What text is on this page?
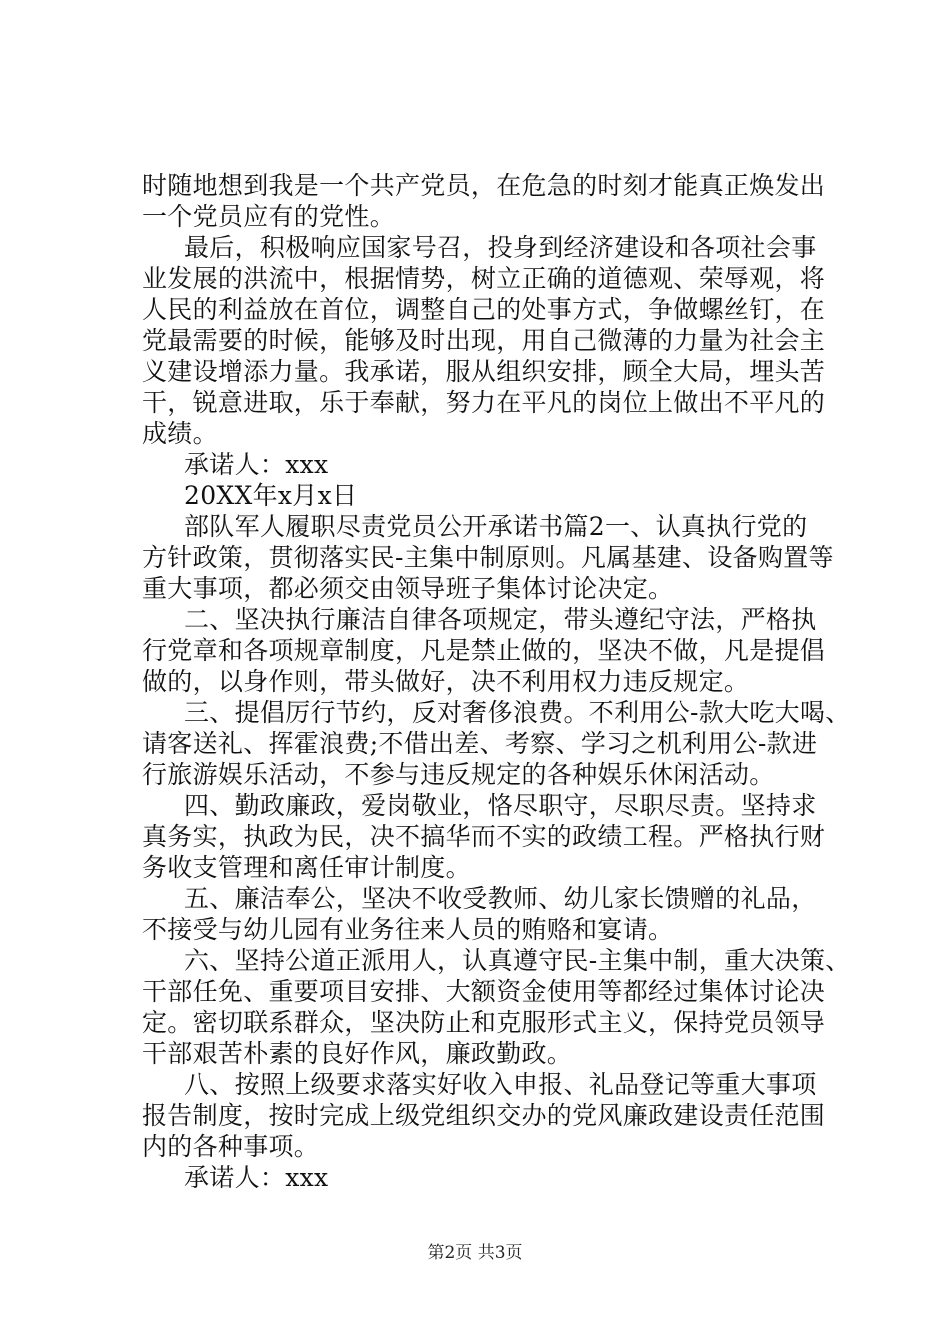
时随地想到我是一个共产党员，在危急的时刻才能真正焕发出
一个党员应有的党性。
最后，积极响应国家号召，投身到经济建设和各项社会事
业发展的洪流中，根据情势，树立正确的道德观、荣辱观，将
人民的利益放在首位，调整自己的处事方式，争做螺丝钉，在
党最需要的时候，能够及时出现，用自己微薄的力量为社会主
义建设增添力量。我承诺，服从组织安排，顾全大局，埋头苦
干，锐意进取，乐于奉献，努力在平凡的岗位上做出不平凡的
成绩。
承诺人：xxx
20XX年x月x日
部队军人履职尽责党员公开承诺书篇2一、认真执行党的
方针政策，贯彻落实民-主集中制原则。凡属基建、设备购置等
重大事项，都必须交由领导班子集体讨论决定。
二、坚决执行廉洁自律各项规定，带头遵纪守法，严格执
行党章和各项规章制度，凡是禁止做的，坚决不做，凡是提倡
做的，以身作则，带头做好，决不利用权力违反规定。
三、提倡厉行节约，反对奢侈浪费。不利用公-款大吃大喝、
请客送礼、挥霍浪费;不借出差、考察、学习之机利用公-款进
行旅游娱乐活动，不参与违反规定的各种娱乐休闲活动。
四、勤政廉政，爱岗敬业，恪尽职守，尽职尽责。坚持求
真务实，执政为民，决不搞华而不实的政绩工程。严格执行财
务收支管理和离任审计制度。
五、廉洁奉公，坚决不收受教师、幼儿家长馈赠的礼品，
不接受与幼儿园有业务往来人员的贿赂和宴请。
六、坚持公道正派用人，认真遵守民-主集中制，重大决策、
干部任免、重要项目安排、大额资金使用等都经过集体讨论决
定。密切联系群众，坚决防止和克服形式主义，保持党员领导
干部艰苦朴素的良好作风，廉政勤政。
八、按照上级要求落实好收入申报、礼品登记等重大事项
报告制度，按时完成上级党组织交办的党风廉政建设责任范围
内的各种事项。
承诺人：xxx
第2页 共3页
